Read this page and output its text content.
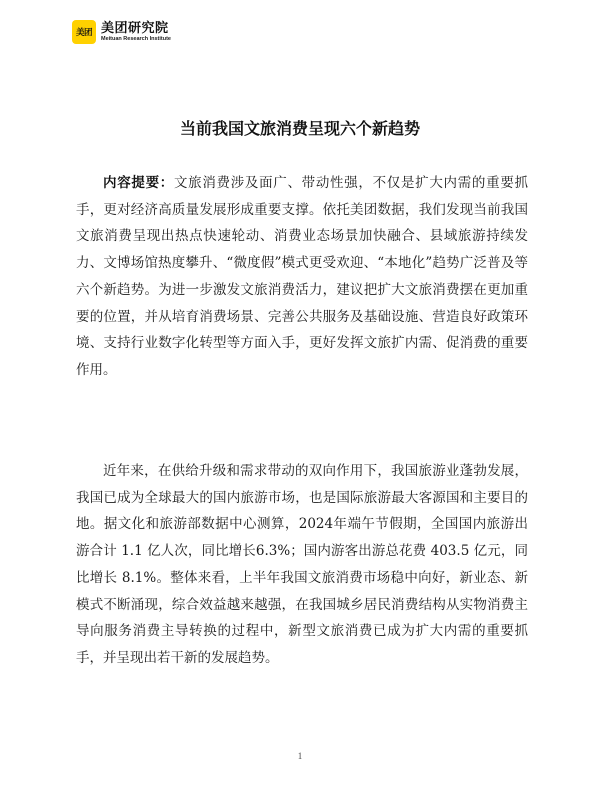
美团 美团研究院
Meituan Research Institute
当前我国文旅消费呈现六个新趋势

内容提要：文旅消费涉及面广、带动性强，不仅是扩大内需的重要抓手，更对经济高质量发展形成重要支撑。依托美团数据，我们发现当前我国文旅消费呈现出热点快速轮动、消费业态场景加快融合、县域旅游持续发力、文博场馆热度攀升、“微度假”模式更受欢迎、“本地化”趋势广泛普及等六个新趋势。为进一步激发文旅消费活力，建议把扩大文旅消费摆在更加重要的位置，并从培育消费场景、完善公共服务及基础设施、营造良好政策环境、支持行业数字化转型等方面入手，更好发挥文旅扩内需、促消费的重要作用。

近年来，在供给升级和需求带动的双向作用下，我国旅游业蓬勃发展，我国已成为全球最大的国内旅游市场，也是国际旅游最大客源国和主要目的地。据文化和旅游部数据中心测算，2024年端午节假期，全国国内旅游出游合计 1.1 亿人次，同比增长6.3%；国内游客出游总花费 403.5 亿元，同比增长 8.1%。整体来看，上半年我国文旅消费市场稳中向好，新业态、新模式不断涌现，综合效益越来越强，在我国城乡居民消费结构从实物消费主导向服务消费主导转换的过程中，新型文旅消费已成为扩大内需的重要抓手，并呈现出若干新的发展趋势。

1
